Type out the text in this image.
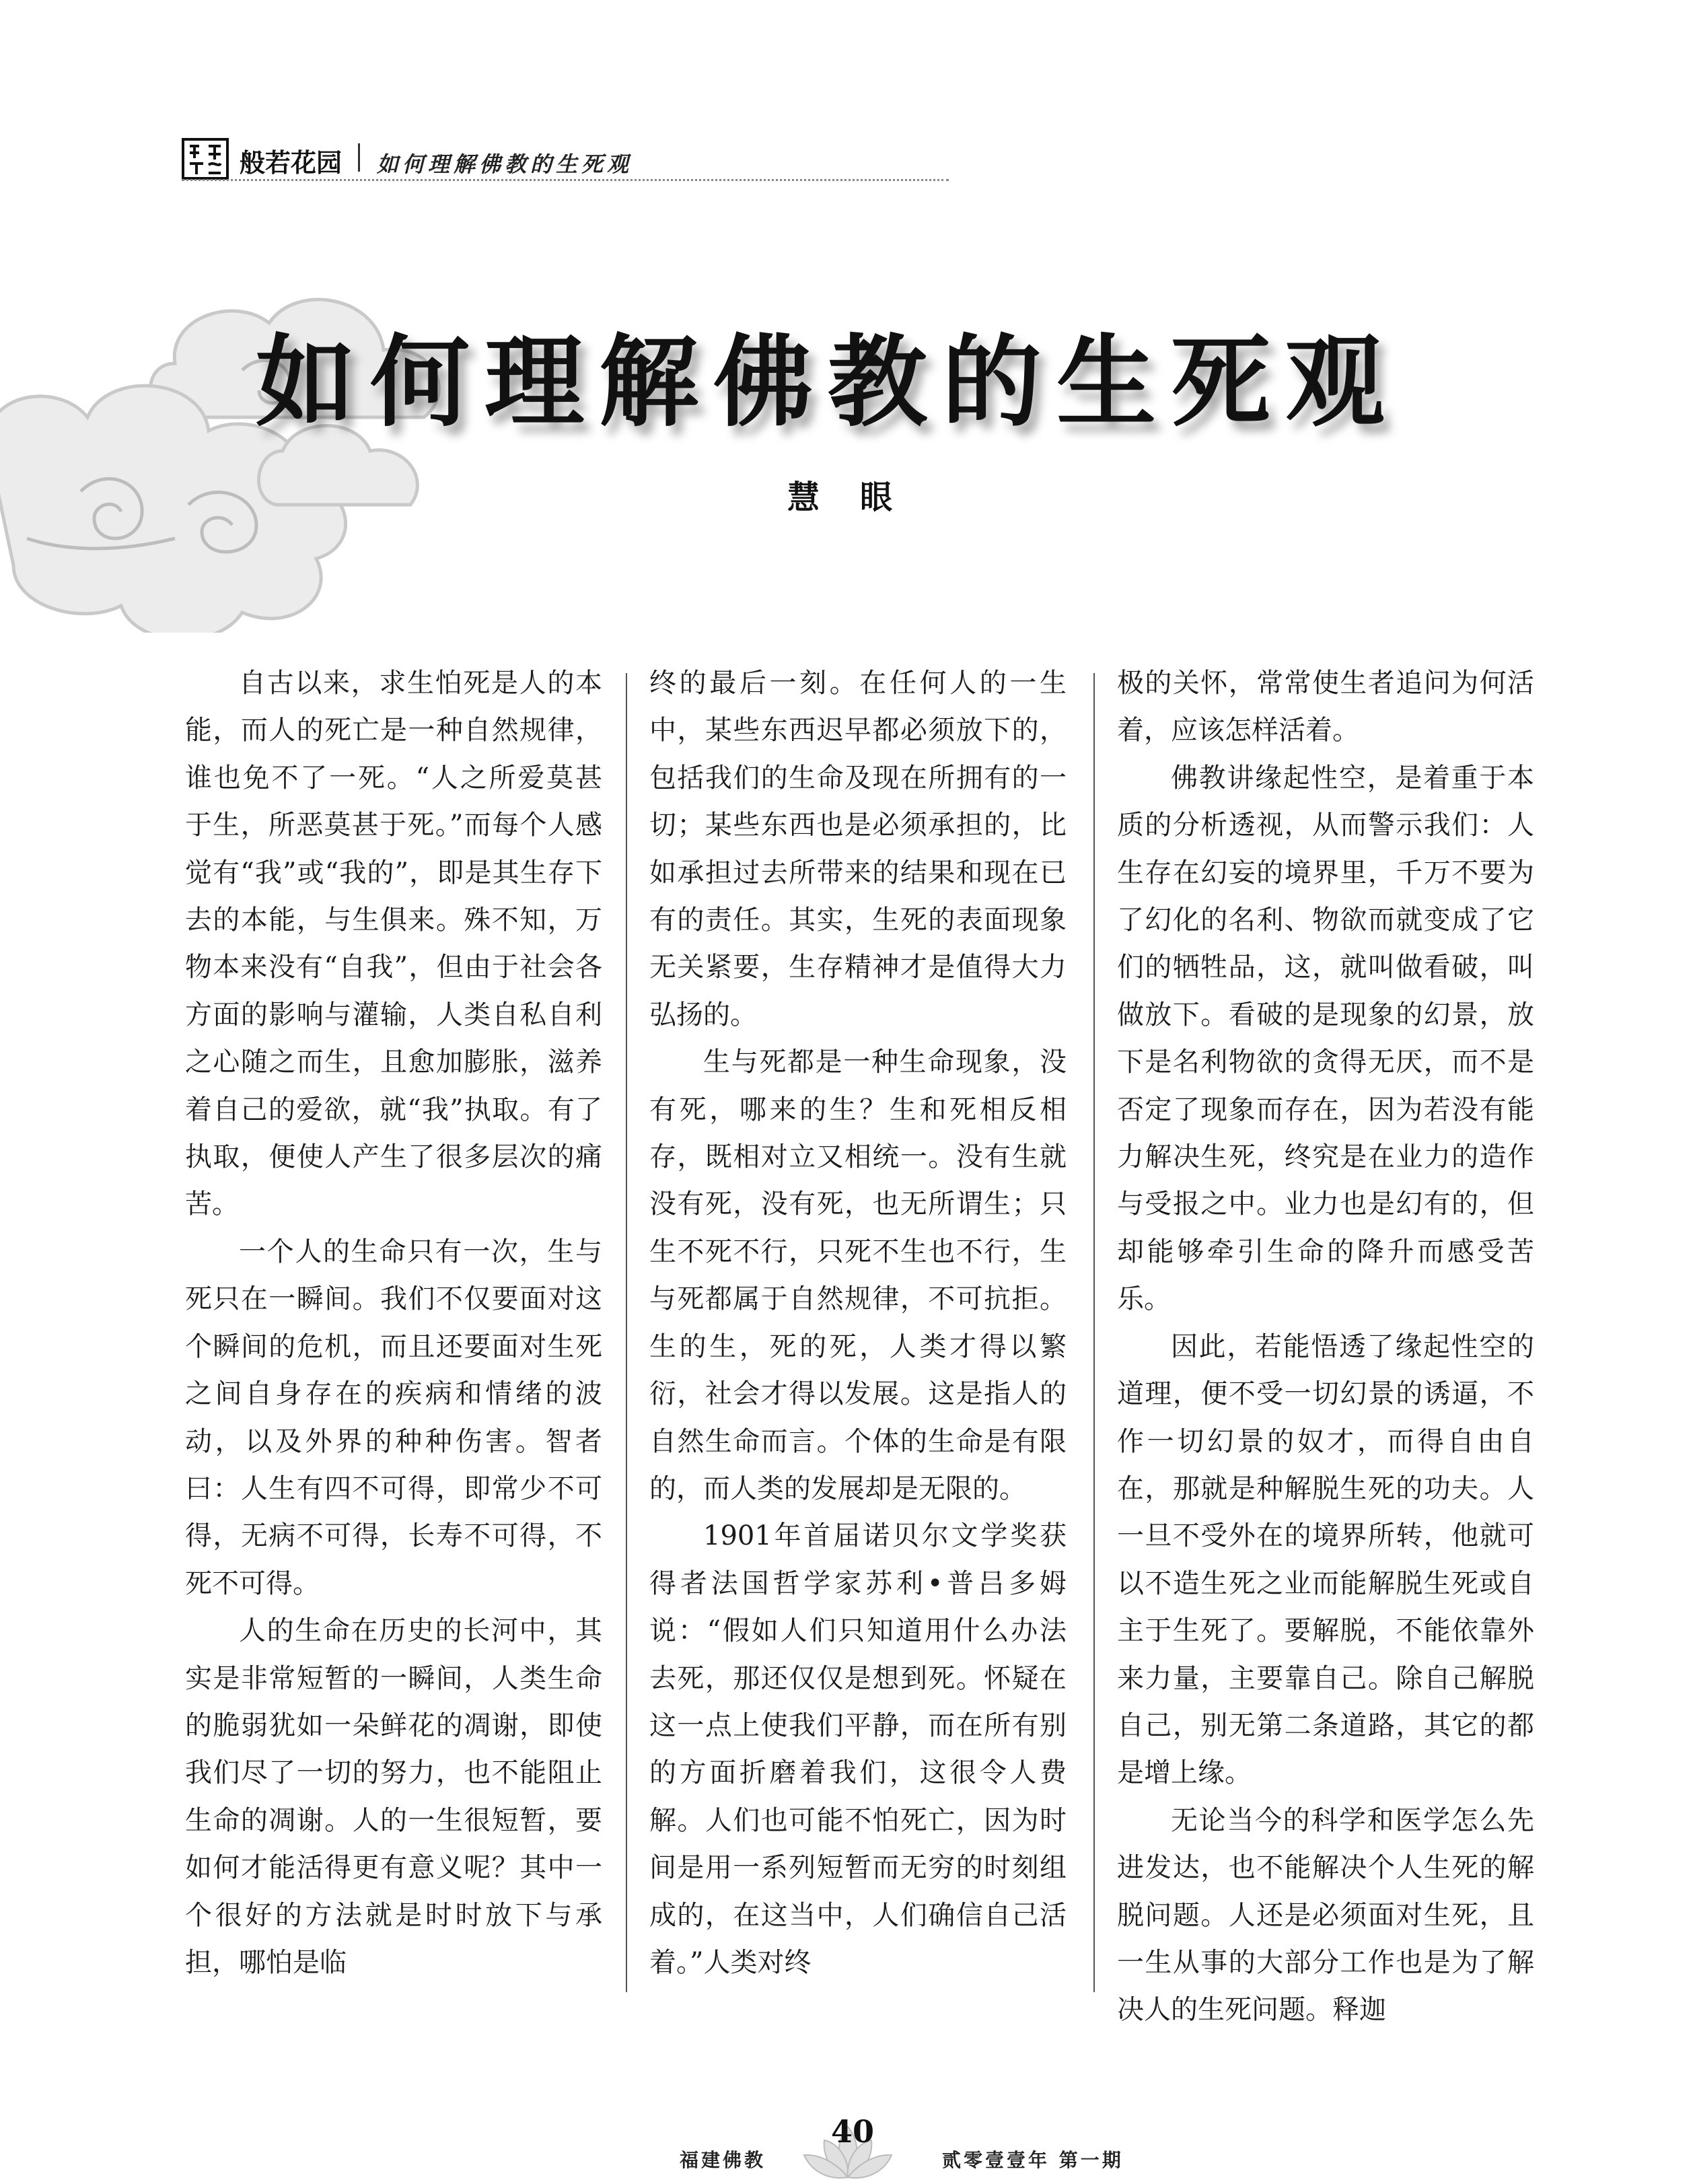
般若花园 如何理解佛教的生死观
如何理解佛教的生死观
慧眼

自古以来，求生怕死是人的本能，而人的死亡是一种自然规律，谁也免不了一死。“人之所爱莫甚于生，所恶莫甚于死。”而每个人感觉有“我”或“我的”，即是其生存下去的本能，与生俱来。殊不知，万物本来没有“自我”，但由于社会各方面的影响与灌输，人类自私自利之心随之而生，且愈加膨胀，滋养着自己的爱欲，就“我”执取。有了执取，便使人产生了很多层次的痛苦。

一个人的生命只有一次，生与死只在一瞬间。我们不仅要面对这个瞬间的危机，而且还要面对生死之间自身存在的疾病和情绪的波动，以及外界的种种伤害。智者曰：人生有四不可得，即常少不可得，无病不可得，长寿不可得，不死不可得。

人的生命在历史的长河中，其实是非常短暂的一瞬间，人类生命的脆弱犹如一朵鲜花的凋谢，即使我们尽了一切的努力，也不能阻止生命的凋谢。人的一生很短暂，要如何才能活得更有意义呢？其中一个很好的方法就是时时放下与承担，哪怕是临

终的最后一刻。在任何人的一生中，某些东西迟早都必须放下的，包括我们的生命及现在所拥有的一切；某些东西也是必须承担的，比如承担过去所带来的结果和现在已有的责任。其实，生死的表面现象无关紧要，生存精神才是值得大力弘扬的。

生与死都是一种生命现象，没有死，哪来的生？生和死相反相存，既相对立又相统一。没有生就没有死，没有死，也无所谓生；只生不死不行，只死不生也不行，生与死都属于自然规律，不可抗拒。生的生，死的死，人类才得以繁衍，社会才得以发展。这是指人的自然生命而言。个体的生命是有限的，而人类的发展却是无限的。

1901年首届诺贝尔文学奖获得者法国哲学家苏利•普吕多姆说：“假如人们只知道用什么办法去死，那还仅仅是想到死。怀疑在这一点上使我们平静，而在所有别的方面折磨着我们，这很令人费解。人们也可能不怕死亡，因为时间是用一系列短暂而无穷的时刻组成的，在这当中，人们确信自己活着。”人类对终

极的关怀，常常使生者追问为何活着，应该怎样活着。

佛教讲缘起性空，是着重于本质的分析透视，从而警示我们：人生存在幻妄的境界里，千万不要为了幻化的名利、物欲而就变成了它们的牺牲品，这，就叫做看破，叫做放下。看破的是现象的幻景，放下是名利物欲的贪得无厌，而不是否定了现象而存在，因为若没有能力解决生死，终究是在业力的造作与受报之中。业力也是幻有的，但却能够牵引生命的降升而感受苦乐。

因此，若能悟透了缘起性空的道理，便不受一切幻景的诱逼，不作一切幻景的奴才，而得自由自在，那就是种解脱生死的功夫。人一旦不受外在的境界所转，他就可以不造生死之业而能解脱生死或自主于生死了。要解脱，不能依靠外来力量，主要靠自己。除自己解脱自己，别无第二条道路，其它的都是增上缘。

无论当今的科学和医学怎么先进发达，也不能解决个人生死的解脱问题。人还是必须面对生死，且一生从事的大部分工作也是为了解决人的生死问题。释迦

福建佛教
40
贰零壹壹年 第一期
